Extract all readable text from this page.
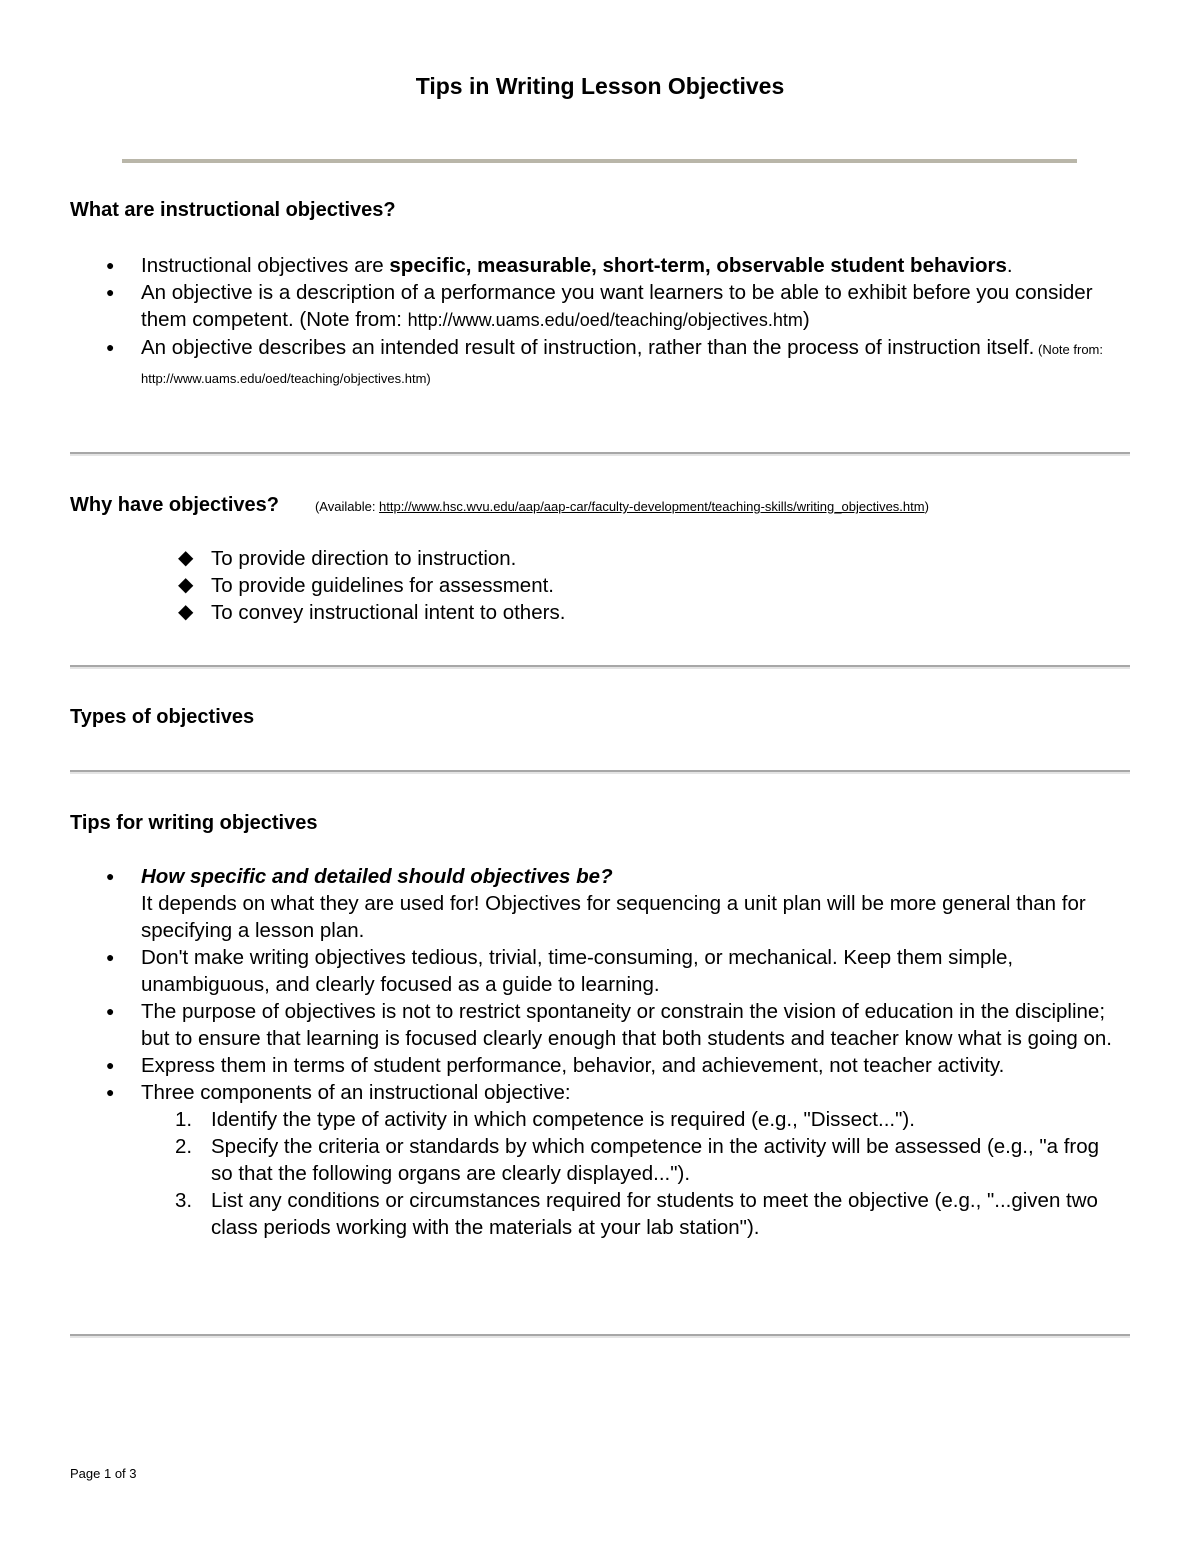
Tips in Writing Lesson Objectives
What are instructional objectives?
● Instructional objectives are specific, measurable, short-term, observable student behaviors.
● An objective is a description of a performance you want learners to be able to exhibit before you consider them competent. (Note from: http://www.uams.edu/oed/teaching/objectives.htm)
● An objective describes an intended result of instruction, rather than the process of instruction itself. (Note from: http://www.uams.edu/oed/teaching/objectives.htm)
Why have objectives?	(Available: http://www.hsc.wvu.edu/aap/aap-car/faculty-development/teaching-skills/writing_objectives.htm)
◆ To provide direction to instruction.
◆ To provide guidelines for assessment.
◆ To convey instructional intent to others.
Types of objectives
Tips for writing objectives
● How specific and detailed should objectives be?
It depends on what they are used for! Objectives for sequencing a unit plan will be more general than for specifying a lesson plan.
● Don't make writing objectives tedious, trivial, time-consuming, or mechanical. Keep them simple, unambiguous, and clearly focused as a guide to learning.
● The purpose of objectives is not to restrict spontaneity or constrain the vision of education in the discipline; but to ensure that learning is focused clearly enough that both students and teacher know what is going on.
● Express them in terms of student performance, behavior, and achievement, not teacher activity.
● Three components of an instructional objective:
1. Identify the type of activity in which competence is required (e.g., "Dissect...").
2. Specify the criteria or standards by which competence in the activity will be assessed (e.g., "a frog so that the following organs are clearly displayed...").
3. List any conditions or circumstances required for students to meet the objective (e.g., "...given two class periods working with the materials at your lab station").
Page 1 of 3
